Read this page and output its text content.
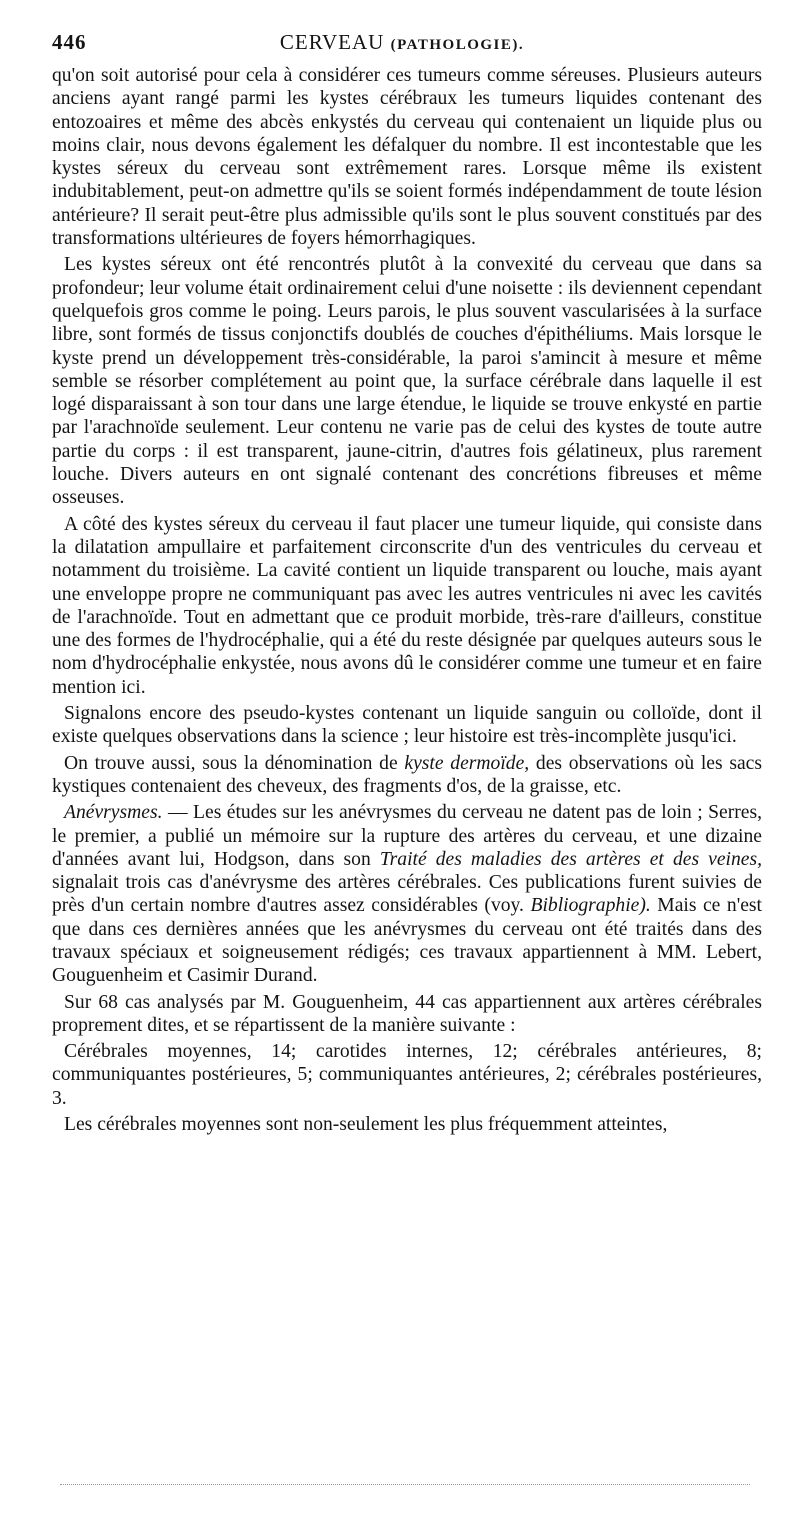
446	CERVEAU (PATHOLOGIE).

qu'on soit autorisé pour cela à considérer ces tumeurs comme séreuses. Plusieurs auteurs anciens ayant rangé parmi les kystes cérébraux les tumeurs liquides contenant des entozoaires et même des abcès enkystés du cerveau qui contenaient un liquide plus ou moins clair, nous devons également les défalquer du nombre. Il est incontestable que les kystes séreux du cerveau sont extrêmement rares. Lorsque même ils existent indubitablement, peut-on admettre qu'ils se soient formés indépendamment de toute lésion antérieure? Il serait peut-être plus admissible qu'ils sont le plus souvent constitués par des transformations ultérieures de foyers hémorrhagiques.

Les kystes séreux ont été rencontrés plutôt à la convexité du cerveau que dans sa profondeur; leur volume était ordinairement celui d'une noisette : ils deviennent cependant quelquefois gros comme le poing. Leurs parois, le plus souvent vascularisées à la surface libre, sont formés de tissus conjonctifs doublés de couches d'épithéliums. Mais lorsque le kyste prend un développement très-considérable, la paroi s'amincit à mesure et même semble se résorber complétement au point que, la surface cérébrale dans laquelle il est logé disparaissant à son tour dans une large étendue, le liquide se trouve enkysté en partie par l'arachnoïde seulement. Leur contenu ne varie pas de celui des kystes de toute autre partie du corps : il est transparent, jaune-citrin, d'autres fois gélatineux, plus rarement louche. Divers auteurs en ont signalé contenant des concrétions fibreuses et même osseuses.

A côté des kystes séreux du cerveau il faut placer une tumeur liquide, qui consiste dans la dilatation ampullaire et parfaitement circonscrite d'un des ventricules du cerveau et notamment du troisième. La cavité contient un liquide transparent ou louche, mais ayant une enveloppe propre ne communiquant pas avec les autres ventricules ni avec les cavités de l'arachnoïde. Tout en admettant que ce produit morbide, très-rare d'ailleurs, constitue une des formes de l'hydrocéphalie, qui a été du reste désignée par quelques auteurs sous le nom d'hydrocéphalie enkystée, nous avons dû le considérer comme une tumeur et en faire mention ici.

Signalons encore des pseudo-kystes contenant un liquide sanguin ou colloïde, dont il existe quelques observations dans la science ; leur histoire est très-incomplète jusqu'ici.

On trouve aussi, sous la dénomination de kyste dermoïde, des observations où les sacs kystiques contenaient des cheveux, des fragments d'os, de la graisse, etc.

Anévrysmes. — Les études sur les anévrysmes du cerveau ne datent pas de loin ; Serres, le premier, a publié un mémoire sur la rupture des artères du cerveau, et une dizaine d'années avant lui, Hodgson, dans son Traité des maladies des artères et des veines, signalait trois cas d'anévrysme des artères cérébrales. Ces publications furent suivies de près d'un certain nombre d'autres assez considérables (voy. Bibliographie). Mais ce n'est que dans ces dernières années que les anévrysmes du cerveau ont été traités dans des travaux spéciaux et soigneusement rédigés; ces travaux appartiennent à MM. Lebert, Gouguenheim et Casimir Durand.

Sur 68 cas analysés par M. Gouguenheim, 44 cas appartiennent aux artères cérébrales proprement dites, et se répartissent de la manière suivante :

Cérébrales moyennes, 14; carotides internes, 12; cérébrales antérieures, 8; communiquantes postérieures, 5; communiquantes antérieures, 2; cérébrales postérieures, 3.

Les cérébrales moyennes sont non-seulement les plus fréquemment atteintes,
